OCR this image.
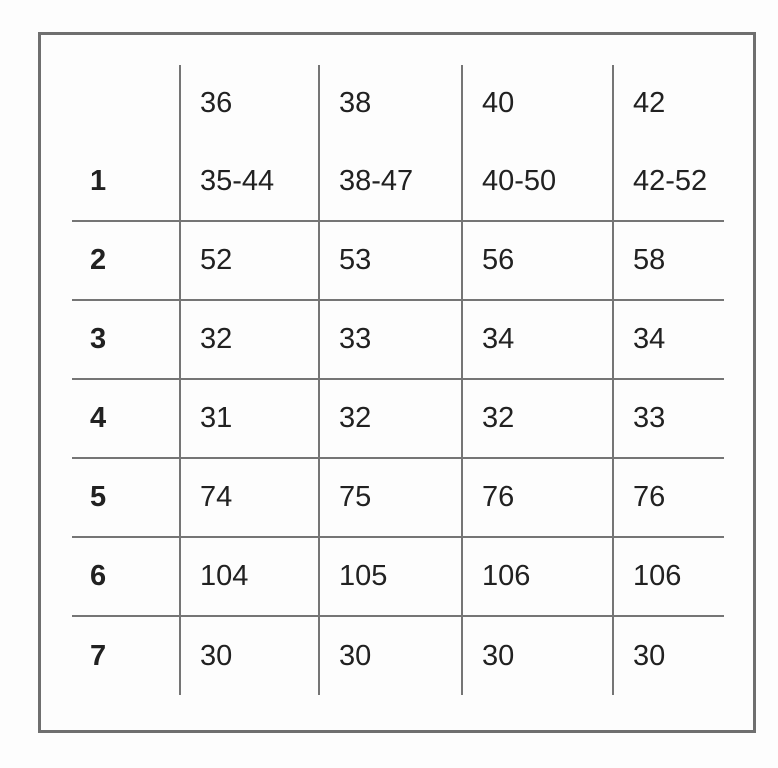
	36	38	40	42
1	35-44	38-47	40-50	42-52
2	52	53	56	58
3	32	33	34	34
4	31	32	32	33
5	74	75	76	76
6	104	105	106	106
7	30	30	30	30
